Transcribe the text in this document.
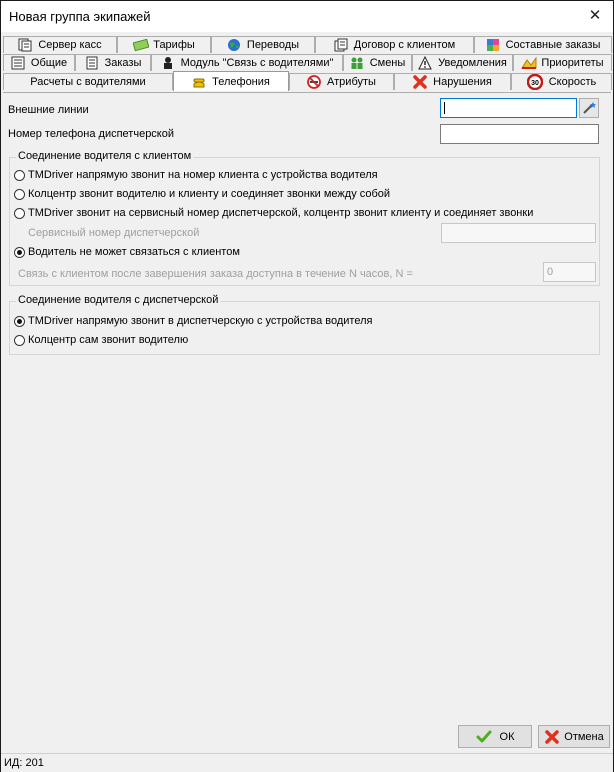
Новая группа экипажей	✕
Сервер касс	Тарифы	Переводы	Договор с клиентом	Составные заказы
Общие	Заказы	Модуль "Связь с водителями"	Смены	Уведомления	Приоритеты
Расчеты с водителями	Телефония	Атрибуты	Нарушения	30 Скорость
Внешние линии
Номер телефона диспетчерской
Соединение водителя с клиентом
TMDriver напрямую звонит на номер клиента с устройства водителя
Колцентр звонит водителю и клиенту и соединяет звонки между собой
TMDriver звонит на сервисный номер диспетчерской, колцентр звонит клиенту и соединяет звонки
Сервисный номер диспетчерской
Водитель не может связаться с клиентом
Связь с клиентом после завершения заказа доступна в течение N часов, N =	0
Соединение водителя с диспетчерской
TMDriver напрямую звонит в диспетчерскую с устройства водителя
Колцентр сам звонит водителю
ОК	Отмена
ИД: 201
